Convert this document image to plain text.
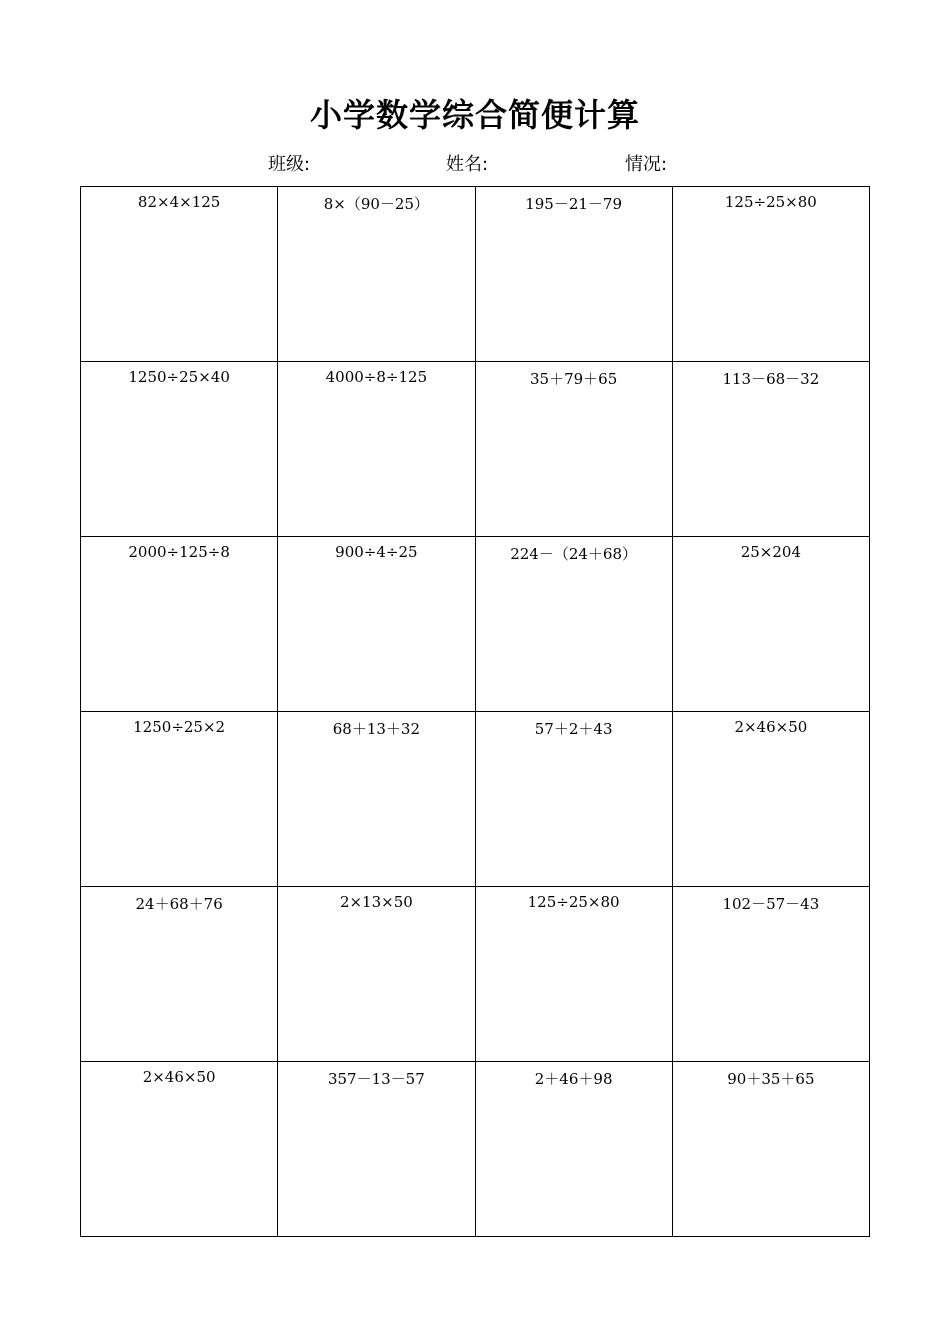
小学数学综合简便计算
班级:	姓名:	情况:
82×4×125	8×（90－25）	195－21－79	125÷25×80
1250÷25×40	4000÷8÷125	35＋79＋65	113－68－32
2000÷125÷8	900÷4÷25	224－（24＋68）	25×204
1250÷25×2	68＋13＋32	57＋2＋43	2×46×50
24＋68＋76	2×13×50	125÷25×80	102－57－43
2×46×50	357－13－57	2＋46＋98	90＋35＋65
